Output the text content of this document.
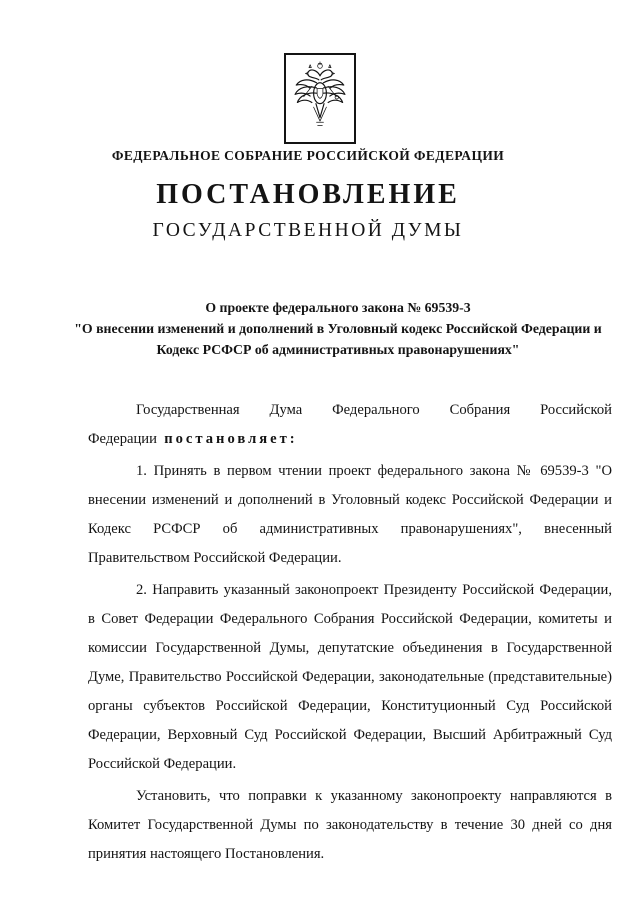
ФЕДЕРАЛЬНОЕ СОБРАНИЕ РОССИЙСКОЙ ФЕДЕРАЦИИ
ПОСТАНОВЛЕНИЕ
ГОСУДАРСТВЕННОЙ ДУМЫ
О проекте федерального закона № 69539-3
"О внесении изменений и дополнений в Уголовный кодекс Российской Федерации и Кодекс РСФСР об административных правонарушениях"

Государственная Дума Федерального Собрания Российской Федерации постановляет:

1. Принять в первом чтении проект федерального закона № 69539-3 "О внесении изменений и дополнений в Уголовный кодекс Российской Федерации и Кодекс РСФСР об административных правонарушениях", внесенный Правительством Российской Федерации.

2. Направить указанный законопроект Президенту Российской Федерации, в Совет Федерации Федерального Собрания Российской Федерации, комитеты и комиссии Государственной Думы, депутатские объединения в Государственной Думе, Правительство Российской Федерации, законодательные (представительные) органы субъектов Российской Федерации, Конституционный Суд Российской Федерации, Верховный Суд Российской Федерации, Высший Арбитражный Суд Российской Федерации.

Установить, что поправки к указанному законопроекту направляются в Комитет Государственной Думы по законодательству в течение 30 дней со дня принятия настоящего Постановления.
